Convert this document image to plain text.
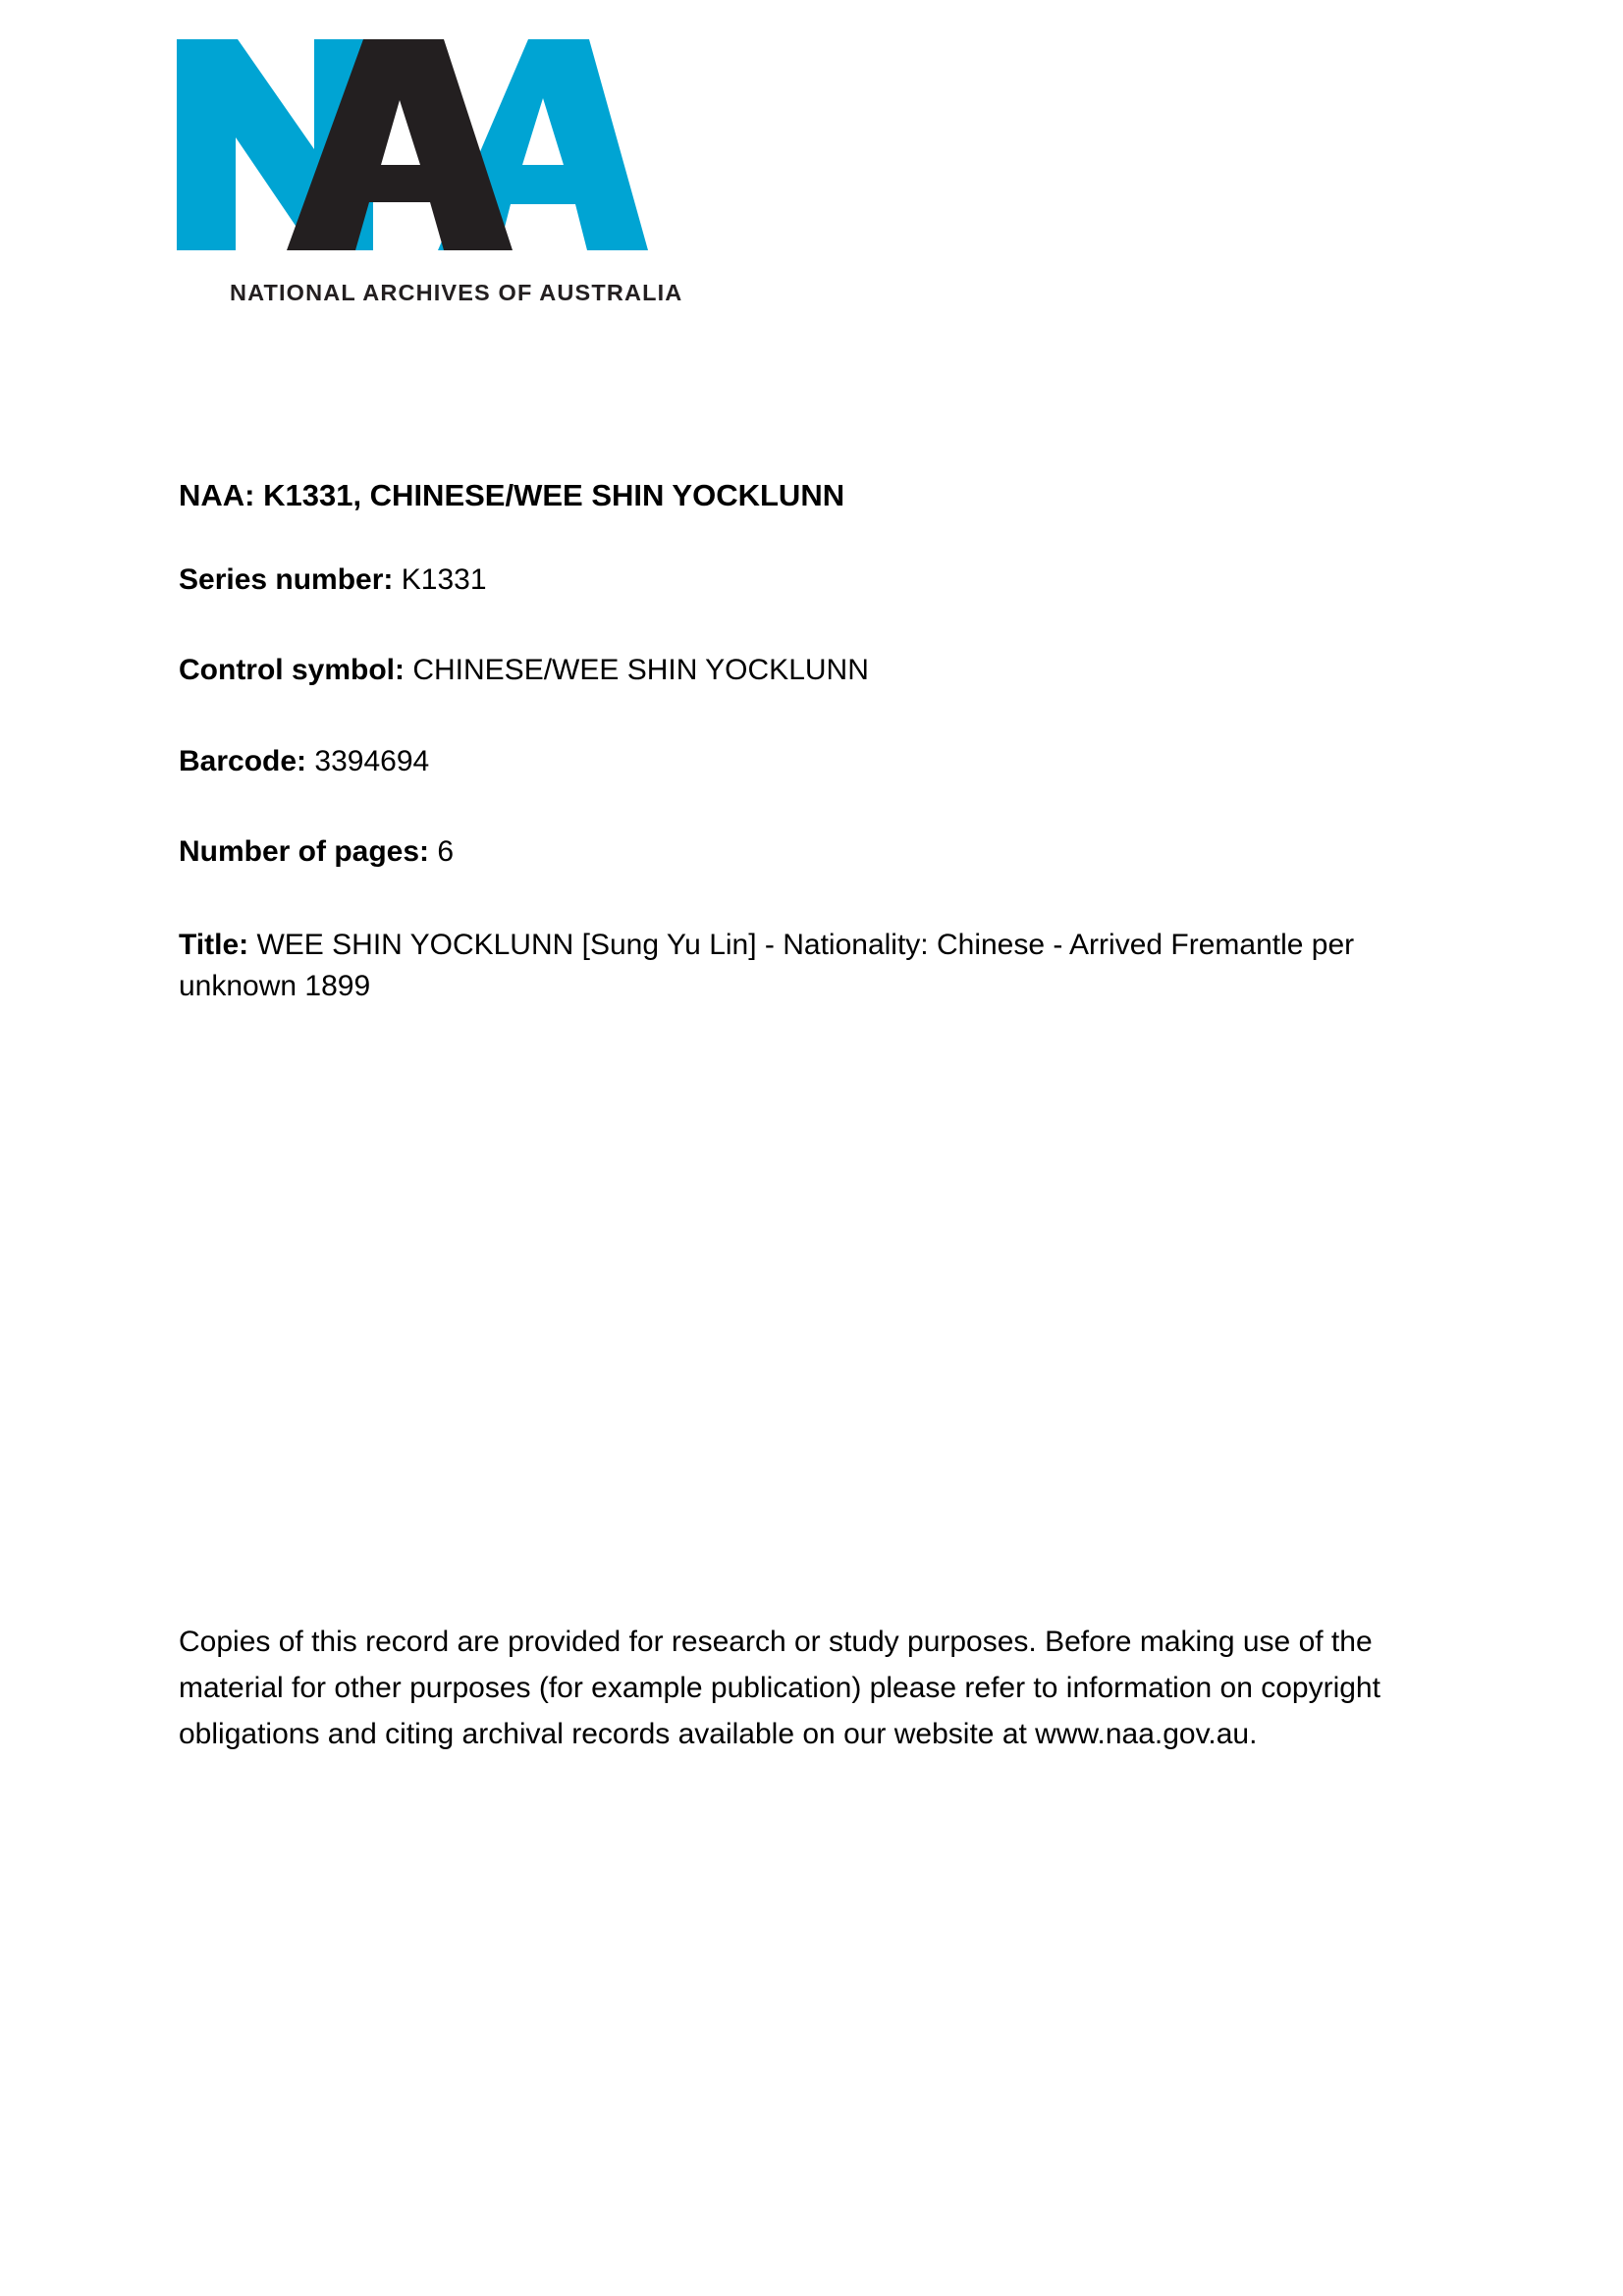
NATIONAL ARCHIVES OF AUSTRALIA
NAA: K1331, CHINESE/WEE SHIN YOCKLUNN

Series number: K1331

Control symbol: CHINESE/WEE SHIN YOCKLUNN

Barcode: 3394694

Number of pages: 6

Title: WEE SHIN YOCKLUNN [Sung Yu Lin] - Nationality: Chinese - Arrived Fremantle per unknown 1899

Copies of this record are provided for research or study purposes. Before making use of the material for other purposes (for example publication) please refer to information on copyright obligations and citing archival records available on our website at www.naa.gov.au.
